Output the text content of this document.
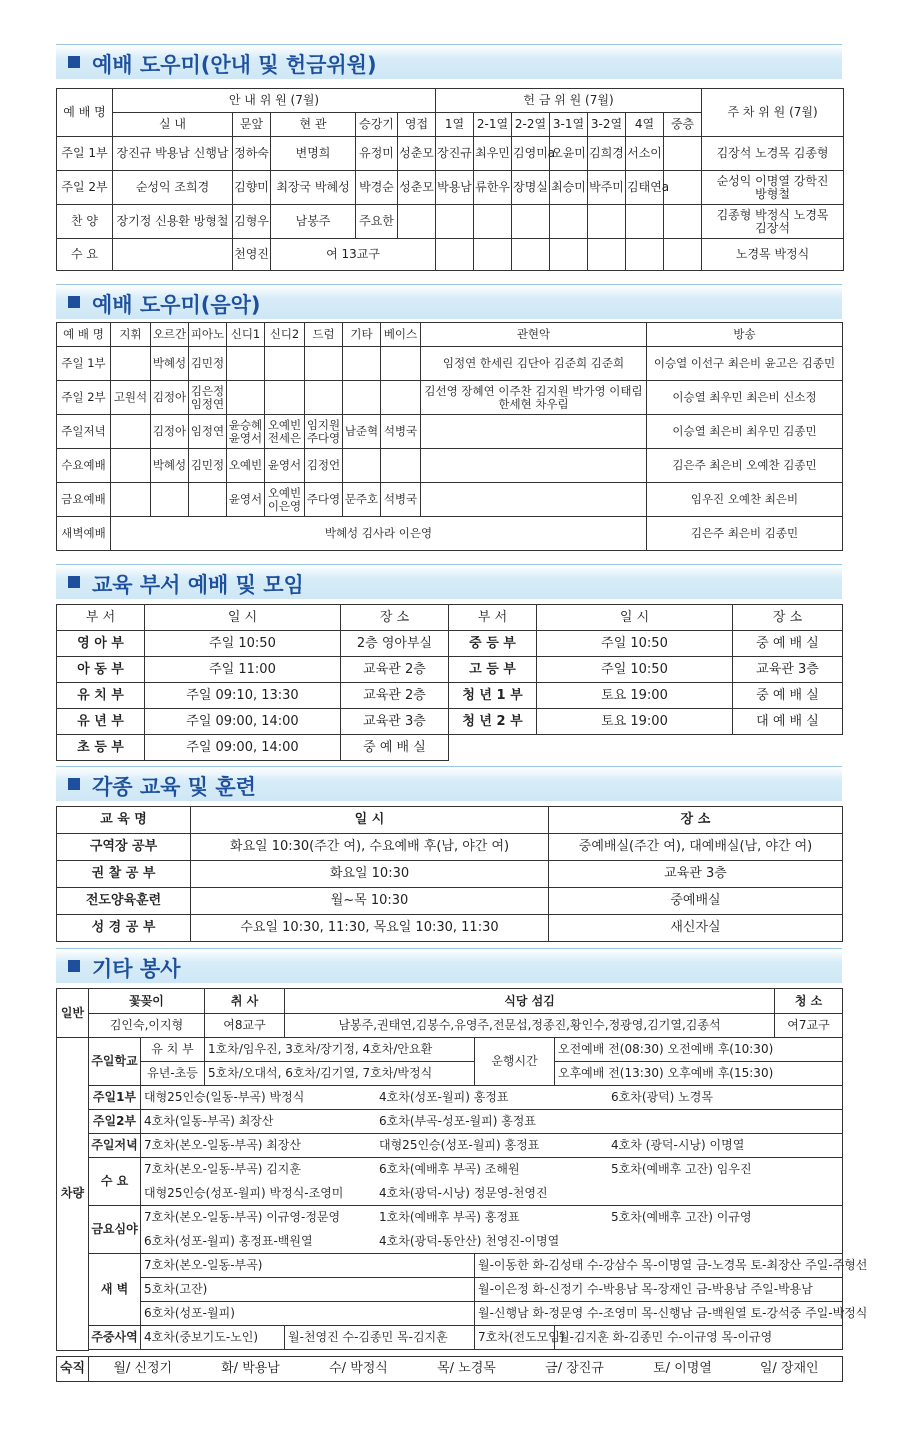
예배 도우미(안내 및 헌금위원)
예 배 명	안 내 위 원 (7월)					헌 금 위 원 (7월)							주 차 위 원 (7월)
	실 내	문앞	현 관	승강기	영접	1열	2-1열	2-2열	3-1열	3-2열	4열	중층	
주일 1부	장진규 박용남 신행남	정하숙	변명희	유정미	성춘모	장진규	최우민	김영미a	오윤미	김희경	서소이		김장석 노경목 김종형
주일 2부	순성익 조희경	김향미	최장국 박혜성	박경순	성춘모	박용남	류한우	장명실	최승미	박주미	김태연a		순성익 이명열 강학진 방형철
찬 양	장기정 신용환 방형철	김형우	남봉주	주요한									김종형 박정식 노경목 김장석
수 요		천영진	여 13교구										노경목 박정식
예배 도우미(음악)
예 배 명	지휘	오르간	피아노	신디1	신디2	드럼	기타	베이스	관현악	방송
주일 1부		박혜성	김민정						임정연 한세린 김단아 김준희 김준희	이승열 이선구 최은비 윤고은 김종민
주일 2부	고원석	김정아	김은정 임정연						김선영 장혜연 이주찬 김지원 박가영 이태림 한세현 차우림	이승열 최우민 최은비 신소정
주일저녁		김정아	임정연	윤승혜 윤영서	오예빈 전세은	임지원 주다영	남준혁	석병국		이승열 최은비 최우민 김종민
수요예배		박혜성	김민정	오예빈	윤영서	김정언				김은주 최은비 오예찬 김종민
금요예배				윤영서	오예빈 이은영	주다영	문주호	석병국		임우진 오예찬 최은비
새벽예배	박혜성 김사라 이은영									김은주 최은비 김종민
교육 부서 예배 및 모임
부 서	일 시	장 소	부 서	일 시	장 소
영 아 부	주일 10:50	2층 영아부실	중 등 부	주일 10:50	중 예 배 실
아 동 부	주일 11:00	교육관 2층	고 등 부	주일 10:50	교육관 3층
유 치 부	주일 09:10, 13:30	교육관 2층	청 년 1 부	토요 19:00	중 예 배 실
유 년 부	주일 09:00, 14:00	교육관 3층	청 년 2 부	토요 19:00	대 예 배 실
초 등 부	주일 09:00, 14:00	중 예 배 실			
각종 교육 및 훈련
교 육 명	일 시	장 소
구역장 공부	화요일 10:30(주간 여), 수요예배 후(남, 야간 여)	중예배실(주간 여), 대예배실(남, 야간 여)
권 찰 공 부	화요일 10:30	교육관 3층
전도양육훈련	월~목 10:30	중예배실
성 경 공 부	수요일 10:30, 11:30, 목요일 10:30, 11:30	새신자실
기타 봉사
일반	꽃꽂이		취 사	식당 섬김			청 소
	김인숙,이지형		여8교구	남봉주,권태연,김봉수,유영주,전문섭,정종진,황인수,정광영,김기열,김종석			여7교구
차량	주일학교	유 치 부	1호차/임우진, 3호차/장기정, 4호차/안요환		운행시간	오전예배 전(08:30) 오전예배 후(10:30)	
		유년-초등	5호차/오대석, 6호차/김기열, 7호차/박정식			오후예배 전(13:30) 오후예배 후(15:30)	
	주일1부	대형25인승(일동-부곡) 박정식 4호차(성포-월피) 홍정표 6호차(광덕) 노경목					

	주일2부	4호차(일동-부곡) 최장산 6호차(부곡-성포-월피) 홍정표					

	주일저녁	7호차(본오-일동-부곡) 최장산 대형25인승(성포-월피) 홍정표 4호차 (광덕-시낭) 이명열					

	수 요	7호차(본오-일동-부곡) 김지훈 6호차(예배후 부곡) 조해원 5호차(예배후 고잔) 임우진					

		대형25인승(성포-월피) 박정식-조영미 4호차(광덕-시낭) 정문영-천영진					

	금요심야	7호차(본오-일동-부곡) 이규영-정문영 1호차(예배후 부곡) 홍정표 5호차(예배후 고잔) 이규영					

		6호차(성포-월피) 홍정표-백원열 4호차(광덕-동안산) 천영진-이명열					

	새 벽	7호차(본오-일동-부곡)			월-이동한 화-김성태 수-강삼수 목-이명열 금-노경목 토-최장산 주일-주형선		
		5호차(고잔)			월-이은정 화-신정기 수-박용남 목-장재인 금-박용남 주일-박용남		
		6호차(성포-월피)			월-신행남 화-정문영 수-조영미 목-신행남 금-백원열 토-강석중 주일-박정식		
	주중사역	4호차(중보기도-노인)		월-천영진 수-김종민 목-김지훈	7호차(전도모임)	월-김지훈 화-김종민 수-이규영 목-이규영	

숙직	월/ 신정기	화/ 박용남	수/ 박정식	목/ 노경목	금/ 장진규	토/ 이명열	일/ 장재인
